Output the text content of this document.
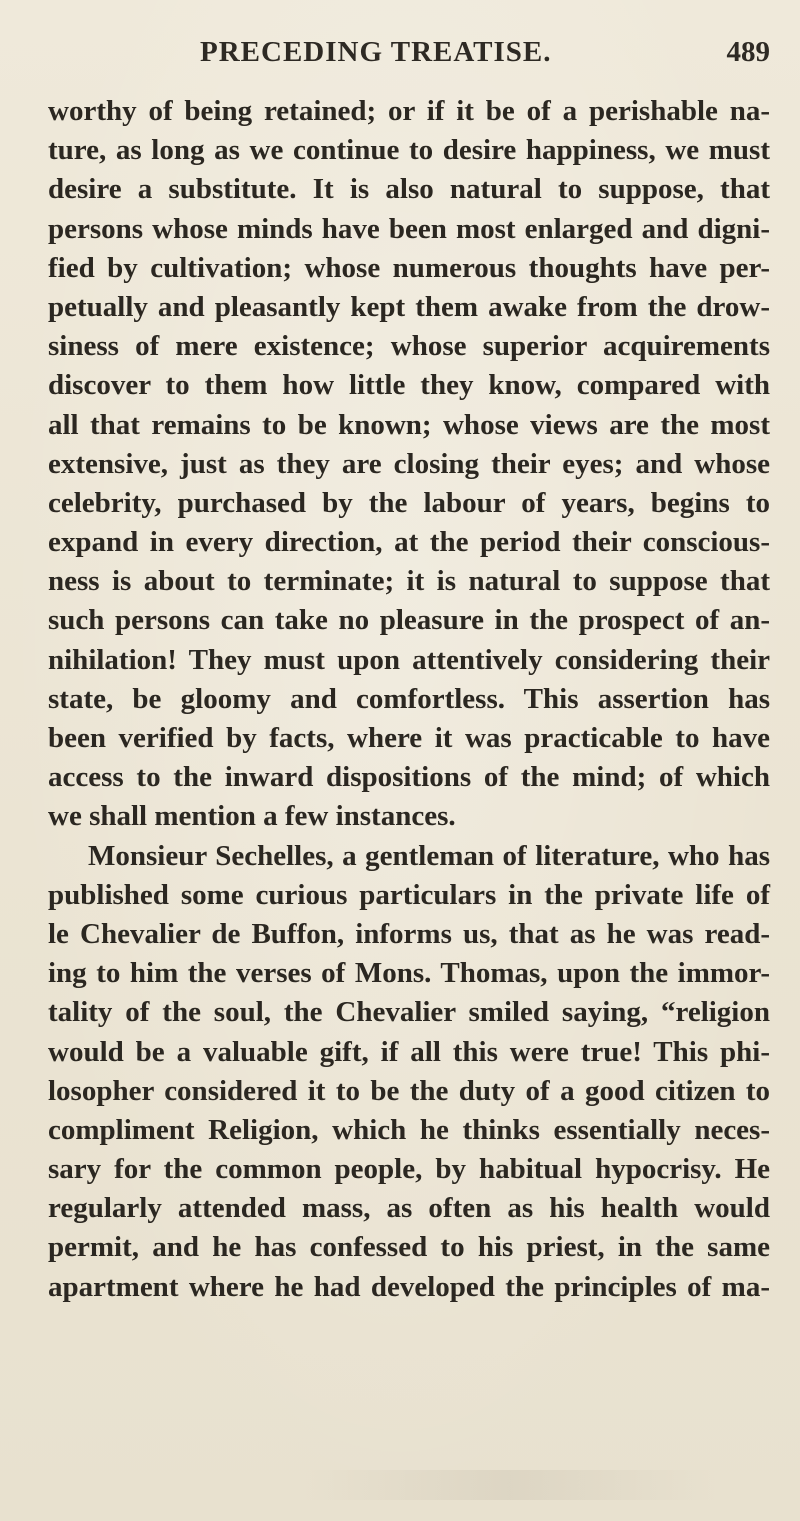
PRECEDING TREATISE.	489
worthy of being retained; or if it be of a perishable na-
ture, as long as we continue to desire happiness, we must
desire a substitute. It is also natural to suppose, that
persons whose minds have been most enlarged and digni-
fied by cultivation; whose numerous thoughts have per-
petually and pleasantly kept them awake from the drow-
siness of mere existence; whose superior acquirements
discover to them how little they know, compared with
all that remains to be known; whose views are the most
extensive, just as they are closing their eyes; and whose
celebrity, purchased by the labour of years, begins to
expand in every direction, at the period their conscious-
ness is about to terminate; it is natural to suppose that
such persons can take no pleasure in the prospect of an-
nihilation! They must upon attentively considering their
state, be gloomy and comfortless. This assertion has
been verified by facts, where it was practicable to have
access to the inward dispositions of the mind; of which
we shall mention a few instances.
Monsieur Sechelles, a gentleman of literature, who has
published some curious particulars in the private life of
le Chevalier de Buffon, informs us, that as he was read-
ing to him the verses of Mons. Thomas, upon the immor-
tality of the soul, the Chevalier smiled saying, “religion
would be a valuable gift, if all this were true! This phi-
losopher considered it to be the duty of a good citizen to
compliment Religion, which he thinks essentially neces-
sary for the common people, by habitual hypocrisy. He
regularly attended mass, as often as his health would
permit, and he has confessed to his priest, in the same
apartment where he had developed the principles of ma-
